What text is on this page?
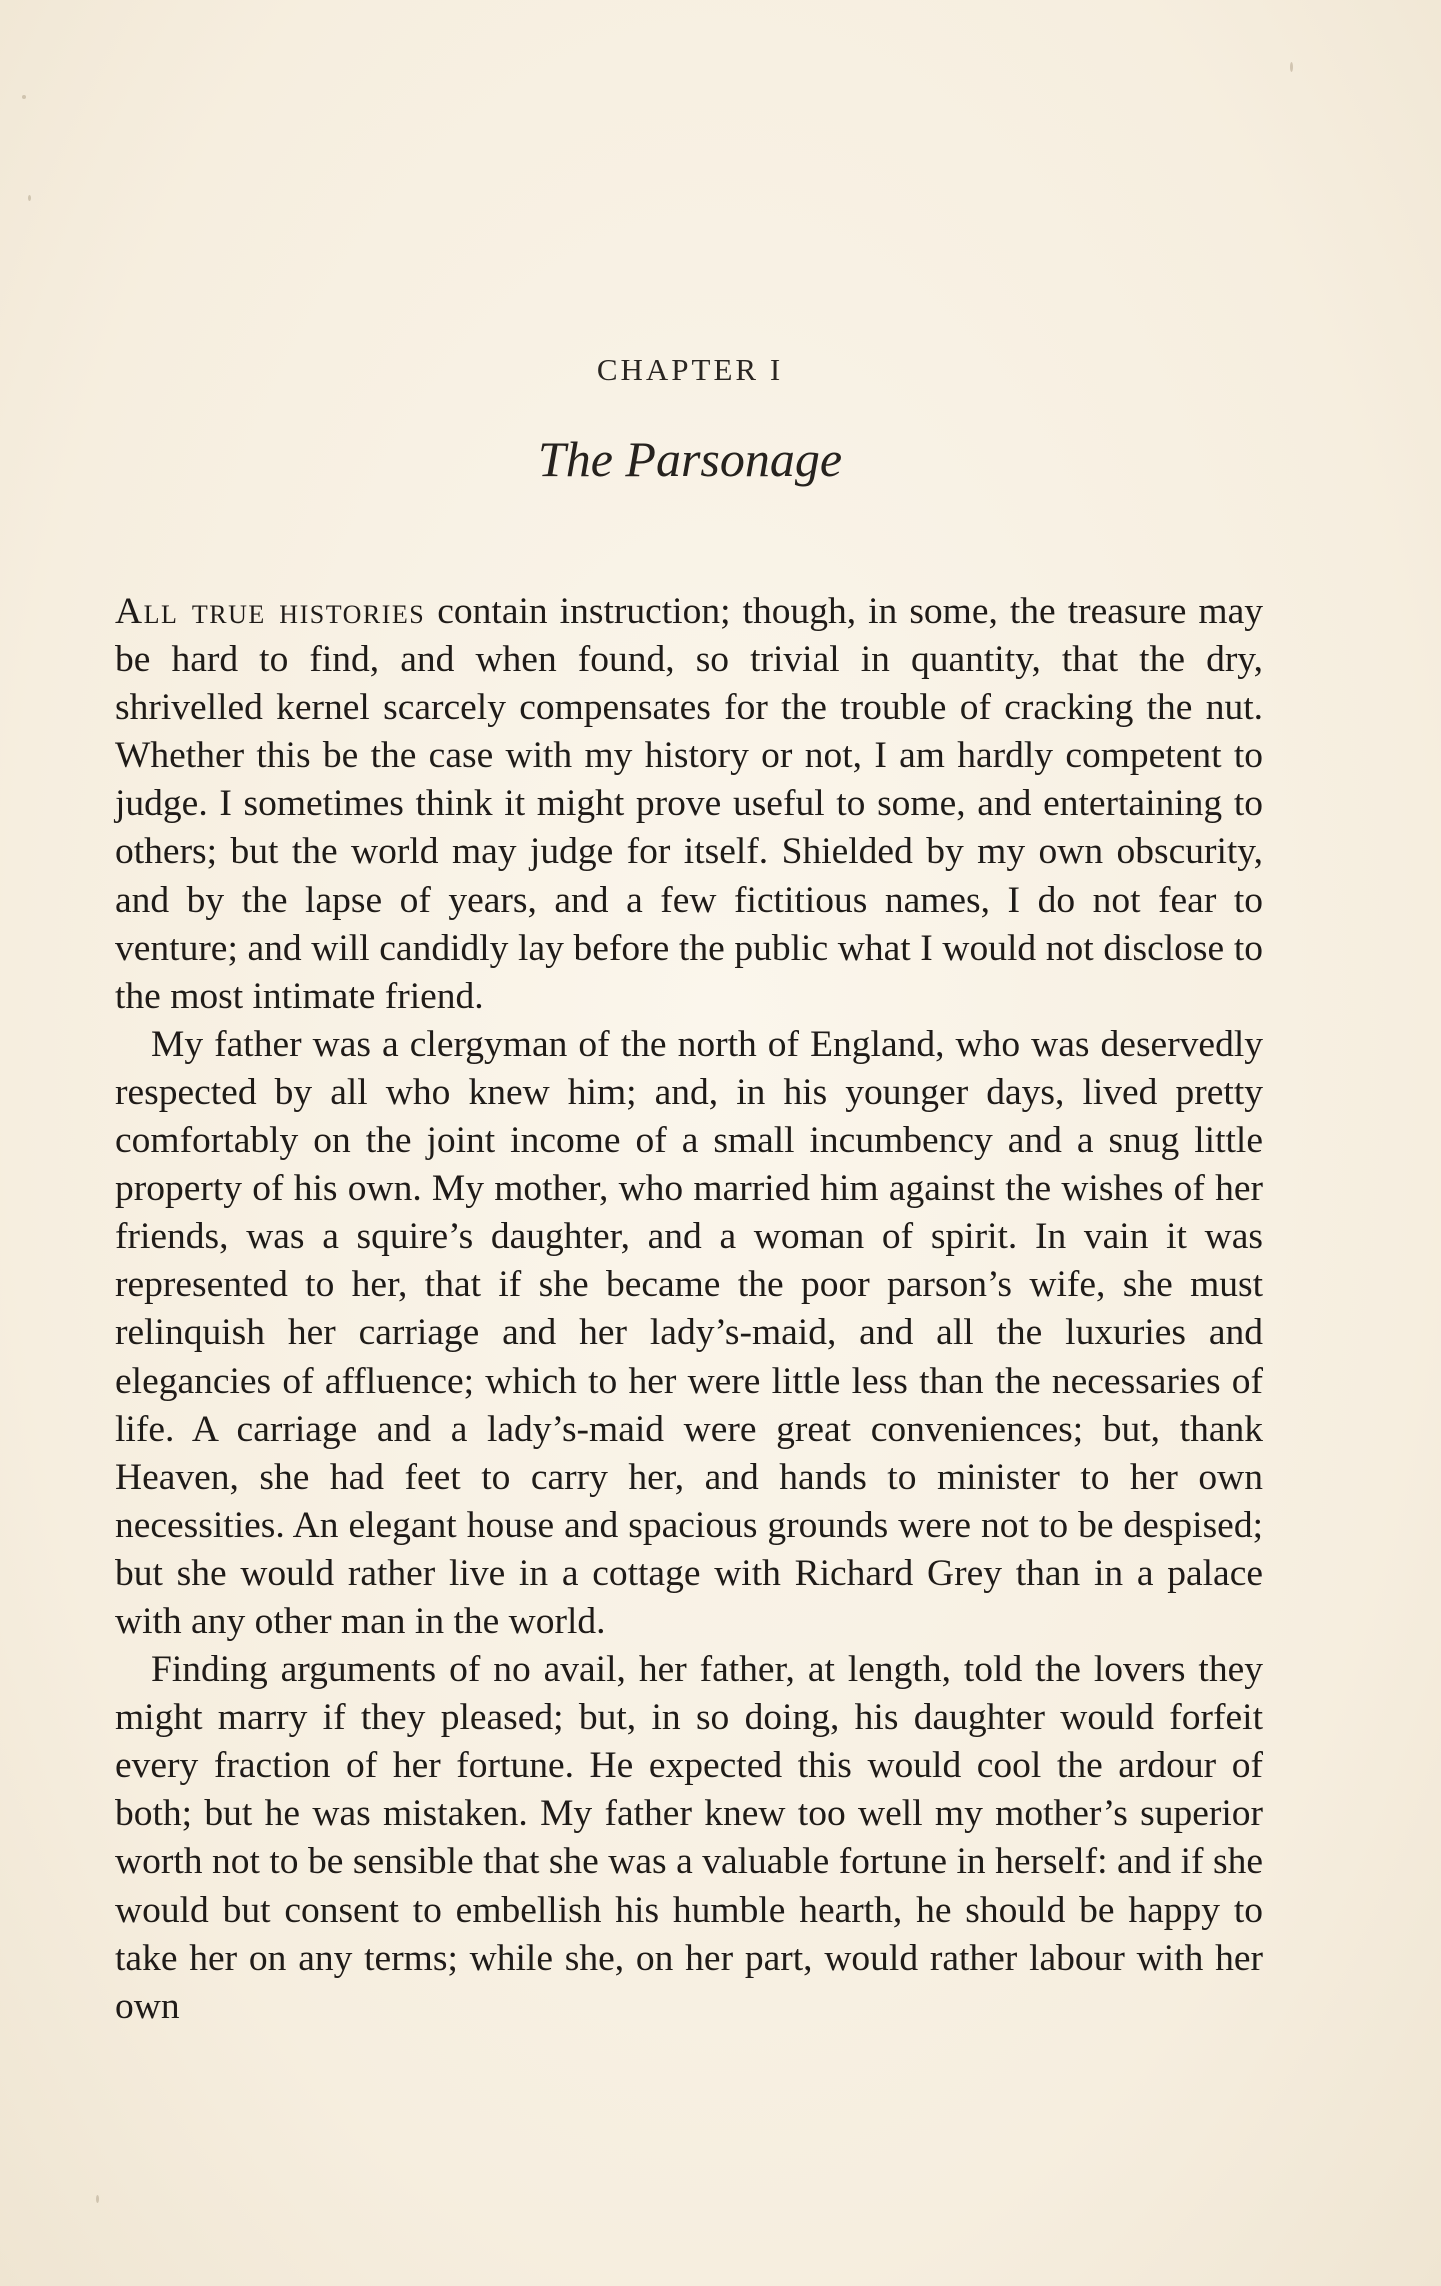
CHAPTER I
The Parsonage

All true histories contain instruction; though, in some, the treasure may be hard to find, and when found, so trivial in quantity, that the dry, shrivelled kernel scarcely compensates for the trouble of cracking the nut. Whether this be the case with my history or not, I am hardly competent to judge. I sometimes think it might prove useful to some, and entertaining to others; but the world may judge for itself. Shielded by my own obscurity, and by the lapse of years, and a few fictitious names, I do not fear to venture; and will candidly lay before the public what I would not disclose to the most intimate friend.

My father was a clergyman of the north of England, who was deservedly respected by all who knew him; and, in his younger days, lived pretty comfortably on the joint income of a small incumbency and a snug little property of his own. My mother, who married him against the wishes of her friends, was a squire’s daughter, and a woman of spirit. In vain it was represented to her, that if she became the poor parson’s wife, she must relinquish her carriage and her lady’s-maid, and all the luxuries and elegancies of affluence; which to her were little less than the necessaries of life. A carriage and a lady’s-maid were great conveniences; but, thank Heaven, she had feet to carry her, and hands to minister to her own necessities. An elegant house and spacious grounds were not to be despised; but she would rather live in a cottage with Richard Grey than in a palace with any other man in the world.

Finding arguments of no avail, her father, at length, told the lovers they might marry if they pleased; but, in so doing, his daughter would forfeit every fraction of her fortune. He expected this would cool the ardour of both; but he was mistaken. My father knew too well my mother’s superior worth not to be sensible that she was a valuable fortune in herself: and if she would but consent to embellish his humble hearth, he should be happy to take her on any terms; while she, on her part, would rather labour with her own
